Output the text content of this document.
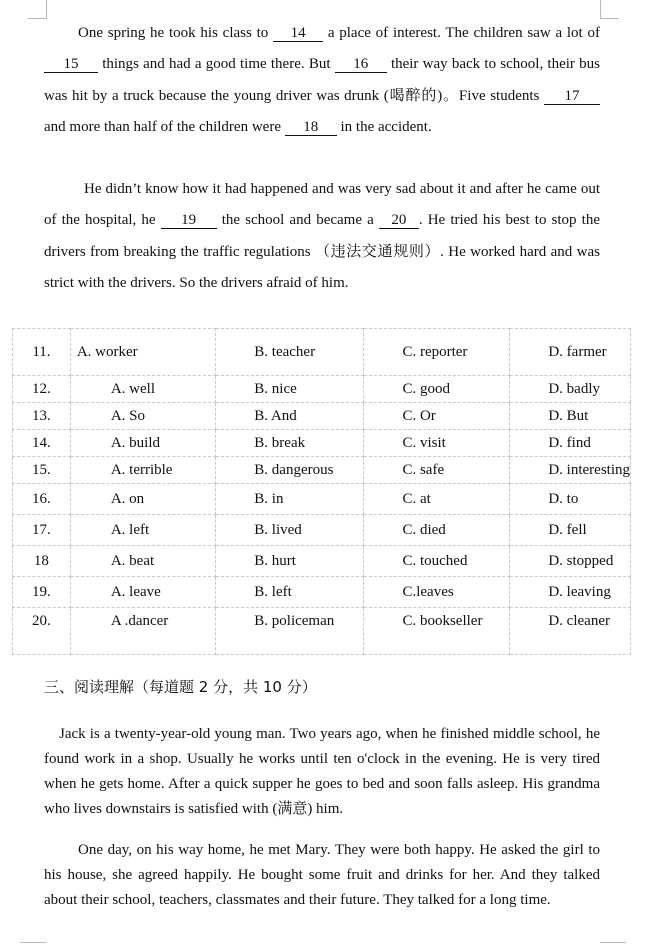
One spring he took his class to 14 a place of interest. The children saw a lot of 15 things and had a good time there. But 16 their way back to school, their bus was hit by a truck because the young driver was drunk (喝醉的)。Five students 17 and more than half of the children were 18 in the accident.

He didn’t know how it had happened and was very sad about it and after he came out of the hospital, he 19 the school and became a 20 . He tried his best to stop the drivers from breaking the traffic regulations （违法交通规则）. He worked hard and was strict with the drivers. So the drivers afraid of him.

11.	A. worker	B. teacher	C. reporter	D. farmer
12.	A. well	B. nice	C. good	D. badly
13.	A. So	B. And	C. Or	D. But
14.	A. build	B. break	C. visit	D. find
15.	A. terrible	B. dangerous	C. safe	D. interesting
16.	A. on	B. in	C. at	D. to
17.	A. left	B. lived	C. died	D. fell
18	A. beat	B. hurt	C. touched	D. stopped
19.	A. leave	B. left	C.leaves	D. leaving
20.	A .dancer	B. policeman	C. bookseller	D. cleaner

三、阅读理解（每道题 2 分，共 10 分）

Jack is a twenty-year-old young man. Two years ago, when he finished middle school, he found work in a shop. Usually he works until ten o'clock in the evening. He is very tired when he gets home. After a quick supper he goes to bed and soon falls asleep. His grandma who lives downstairs is satisfied with (满意) him.

One day, on his way home, he met Mary. They were both happy. He asked the girl to his house, she agreed happily. He bought some fruit and drinks for her. And they talked about their school, teachers, classmates and their future. They talked for a long time.
